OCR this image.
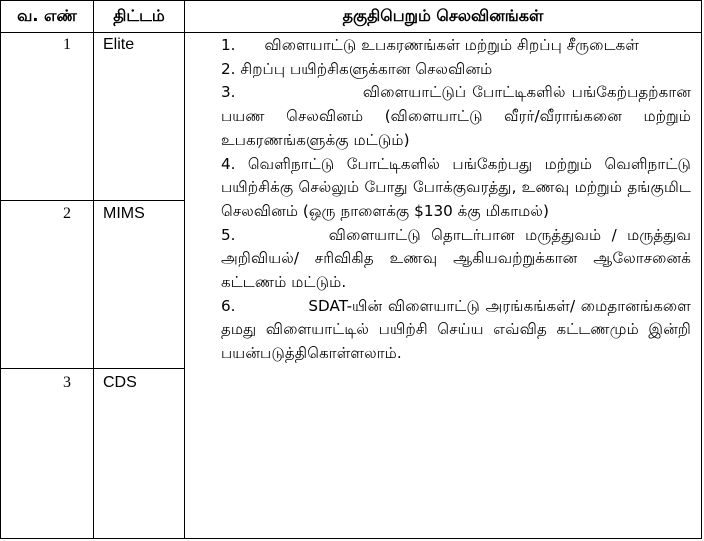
வ. எண்	திட்டம்	தகுதிபெறும் செலவினங்கள்
1 Elite
2 MIMS
3 CDS

1.      விளையாட்டு உபகரணங்கள் மற்றும் சிறப்பு சீருடைகள்

2. சிறப்பு பயிற்சிகளுக்கான செலவினம்

3.                     விளையாட்டுப் போட்டிகளில் பங்கேற்பதற்கான பயண செலவினம் (விளையாட்டு வீரர்/வீராங்கனை மற்றும் உபகரணங்களுக்கு மட்டும்)

4. வெளிநாட்டு போட்டிகளில் பங்கேற்பது மற்றும் வெளிநாட்டு பயிற்சிக்கு செல்லும் போது போக்குவரத்து, உணவு மற்றும் தங்குமிட செலவினம் (ஒரு நாளைக்கு $130 க்கு மிகாமல்)

5.         விளையாட்டு தொடர்பான மருத்துவம் / மருத்துவ அறிவியல்/ சரிவிகித உணவு ஆகியவற்றுக்கான ஆலோசனைக் கட்டணம் மட்டும்.

6.             SDAT-யின் விளையாட்டு அரங்கங்கள்/ மைதானங்களை தமது விளையாட்டில் பயிற்சி செய்ய எவ்வித கட்டணமும் இன்றி பயன்படுத்திகொள்ளலாம்.
